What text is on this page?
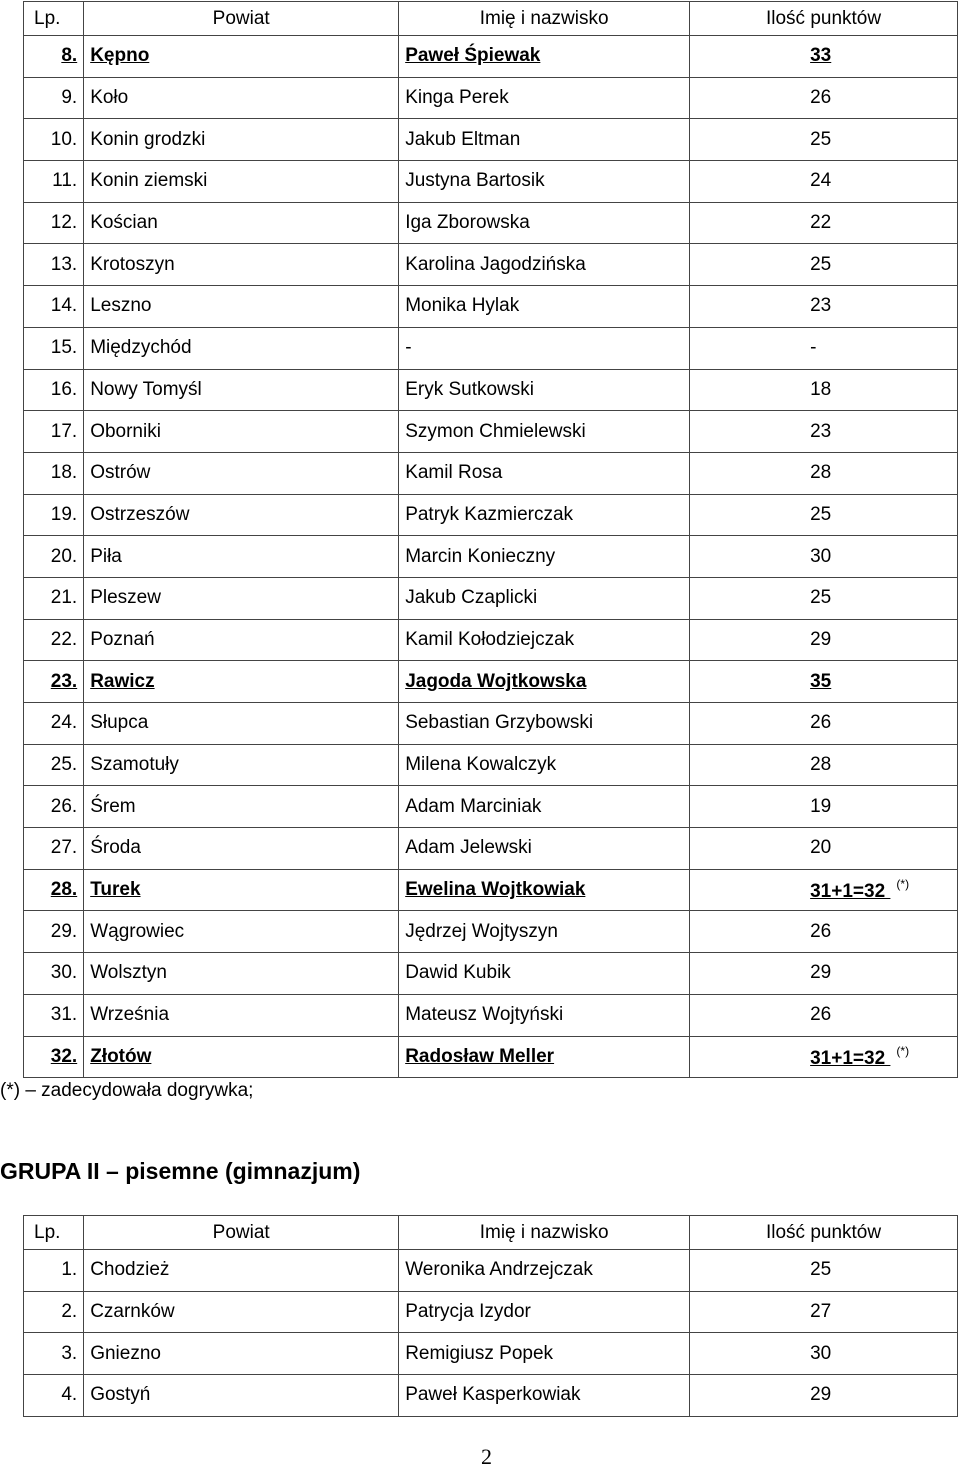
Lp.	Powiat	Imię i nazwisko	Ilość punktów
8.	Kępno	Paweł Śpiewak	33
9.	Koło	Kinga Perek	26
10.	Konin grodzki	Jakub Eltman	25
11.	Konin ziemski	Justyna Bartosik	24
12.	Kościan	Iga Zborowska	22
13.	Krotoszyn	Karolina Jagodzińska	25
14.	Leszno	Monika Hylak	23
15.	Międzychód	-	-
16.	Nowy Tomyśl	Eryk Sutkowski	18
17.	Oborniki	Szymon Chmielewski	23
18.	Ostrów	Kamil Rosa	28
19.	Ostrzeszów	Patryk Kazmierczak	25
20.	Piła	Marcin Konieczny	30
21.	Pleszew	Jakub Czaplicki	25
22.	Poznań	Kamil Kołodziejczak	29
23.	Rawicz	Jagoda Wojtkowska	35
24.	Słupca	Sebastian Grzybowski	26
25.	Szamotuły	Milena Kowalczyk	28
26.	Śrem	Adam Marciniak	19
27.	Środa	Adam Jelewski	20
28.	Turek	Ewelina Wojtkowiak	31+1=32 (*)
29.	Wągrowiec	Jędrzej Wojtyszyn	26
30.	Wolsztyn	Dawid Kubik	29
31.	Września	Mateusz Wojtyński	26
32.	Złotów	Radosław Meller	31+1=32 (*)
(*) – zadecydowała dogrywka;
GRUPA II – pisemne (gimnazjum)
Lp.	Powiat	Imię i nazwisko	Ilość punktów
1.	Chodzież	Weronika Andrzejczak	25
2.	Czarnków	Patrycja Izydor	27
3.	Gniezno	Remigiusz Popek	30
4.	Gostyń	Paweł Kasperkowiak	29
2
